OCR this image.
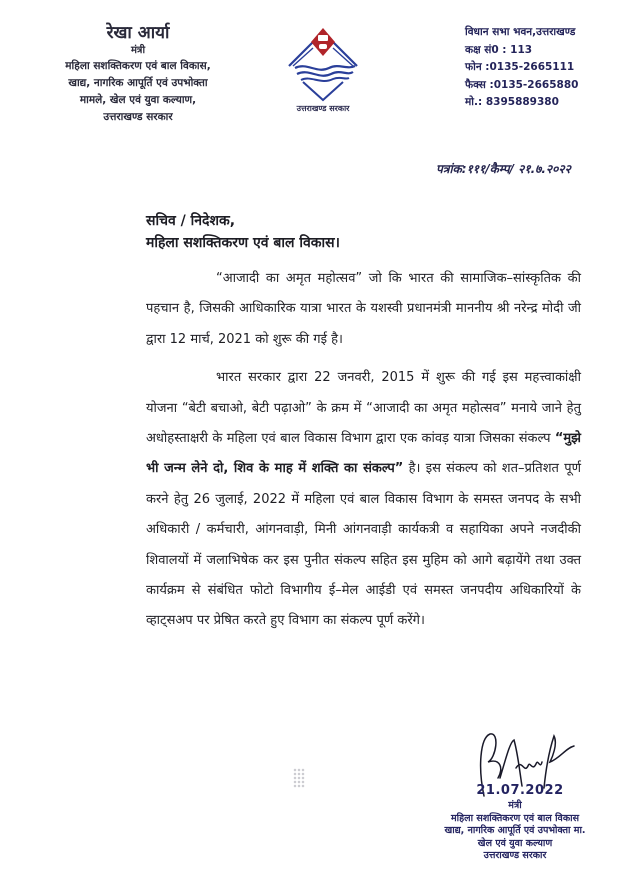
रेखा आर्या
मंत्री
महिला सशक्तिकरण एवं बाल विकास,
खाद्य, नागरिक आपूर्ति एवं उपभोक्ता
मामले, खेल एवं युवा कल्याण,
उत्तराखण्ड सरकार
उत्तराखण्ड सरकार
विधान सभा भवन,उत्तराखण्ड
कक्ष सं0 : 113
फोन :0135-2665111
फैक्स :0135-2665880
मो.: 8395889380
पत्रांक:१११/कैम्प/ २१.७.२०२२
सचिव / निदेशक,
महिला सशक्तिकरण एवं बाल विकास।

“आजादी का अमृत महोत्सव” जो कि भारत की सामाजिक–सांस्कृतिक की पहचान है, जिसकी आधिकारिक यात्रा भारत के यशस्वी प्रधानमंत्री माननीय श्री नरेन्द्र मोदी जी द्वारा 12 मार्च, 2021 को शुरू की गई है।

भारत सरकार द्वारा 22 जनवरी, 2015 में शुरू की गई इस महत्त्वाकांक्षी योजना “बेटी बचाओ, बेटी पढ़ाओ” के क्रम में “आजादी का अमृत महोत्सव” मनाये जाने हेतु अधोहस्ताक्षरी के महिला एवं बाल विकास विभाग द्वारा एक कांवड़ यात्रा जिसका संकल्प “मुझे भी जन्म लेने दो, शिव के माह में शक्ति का संकल्प” है। इस संकल्प को शत–प्रतिशत पूर्ण करने हेतु 26 जुलाई, 2022 में महिला एवं बाल विकास विभाग के समस्त जनपद के सभी अधिकारी / कर्मचारी, आंगनवाड़ी, मिनी आंगनवाड़ी कार्यकत्री व सहायिका अपने नजदीकी शिवालयों में जलाभिषेक कर इस पुनीत संकल्प सहित इस मुहिम को आगे बढ़ायेंगे तथा उक्त कार्यक्रम से संबंधित फोटो विभागीय ई–मेल आईडी एवं समस्त जनपदीय अधिकारियों के व्हाट्सअप पर प्रेषित करते हुए विभाग का संकल्प पूर्ण करेंगे।

21.07.2022
मंत्री
महिला सशक्तिकरण एवं बाल विकास
खाद्य, नागरिक आपूर्ति एवं उपभोक्ता मा.
खेल एवं युवा कल्याण
उत्तराखण्ड सरकार
